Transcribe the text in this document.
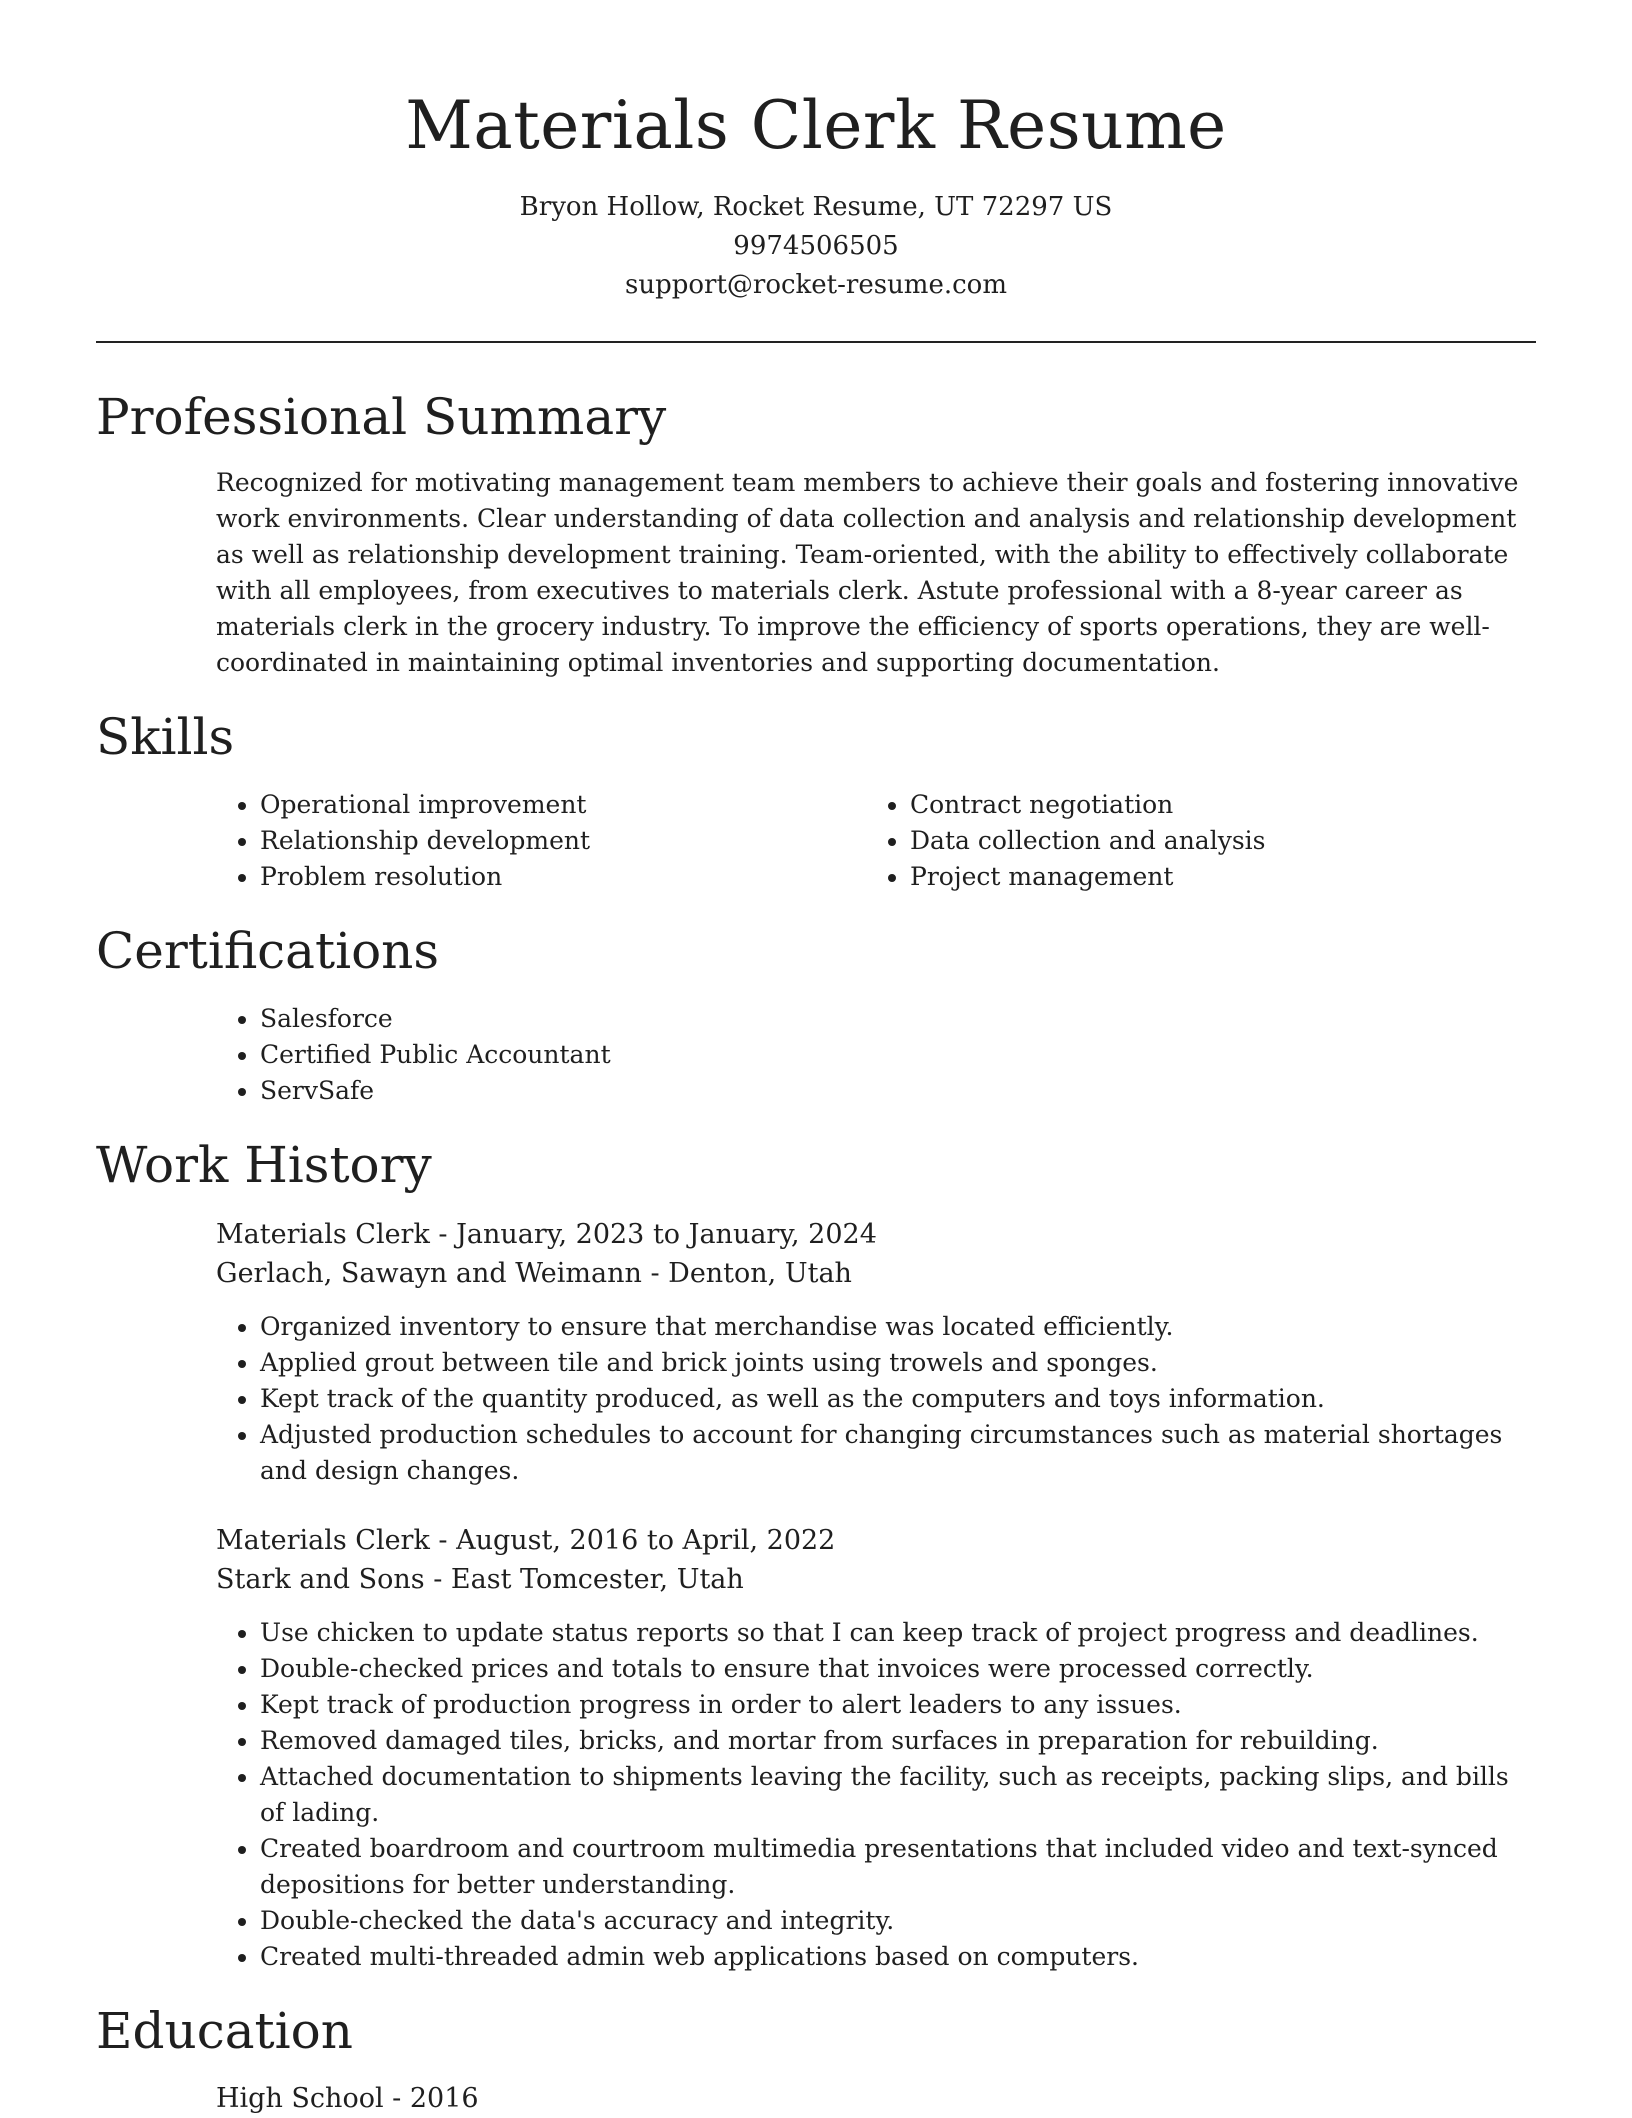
Materials Clerk Resume
Bryon Hollow, Rocket Resume, UT 72297 US
9974506505
support@rocket-resume.com
Professional Summary
Recognized for motivating management team members to achieve their goals and fostering innovative work environments. Clear understanding of data collection and analysis and relationship development as well as relationship development training. Team-oriented, with the ability to effectively collaborate with all employees, from executives to materials clerk. Astute professional with a 8-year career as materials clerk in the grocery industry. To improve the efficiency of sports operations, they are well-coordinated in maintaining optimal inventories and supporting documentation.
Skills
• Operational improvement
• Relationship development
• Problem resolution
• Contract negotiation
• Data collection and analysis
• Project management
Certifications
• Salesforce
• Certified Public Accountant
• ServSafe
Work History
Materials Clerk - January, 2023 to January, 2024
Gerlach, Sawayn and Weimann - Denton, Utah
• Organized inventory to ensure that merchandise was located efficiently.
• Applied grout between tile and brick joints using trowels and sponges.
• Kept track of the quantity produced, as well as the computers and toys information.
• Adjusted production schedules to account for changing circumstances such as material shortages and design changes.
Materials Clerk - August, 2016 to April, 2022
Stark and Sons - East Tomcester, Utah
• Use chicken to update status reports so that I can keep track of project progress and deadlines.
• Double-checked prices and totals to ensure that invoices were processed correctly.
• Kept track of production progress in order to alert leaders to any issues.
• Removed damaged tiles, bricks, and mortar from surfaces in preparation for rebuilding.
• Attached documentation to shipments leaving the facility, such as receipts, packing slips, and bills of lading.
• Created boardroom and courtroom multimedia presentations that included video and text-synced depositions for better understanding.
• Double-checked the data's accuracy and integrity.
• Created multi-threaded admin web applications based on computers.
Education
High School - 2016
